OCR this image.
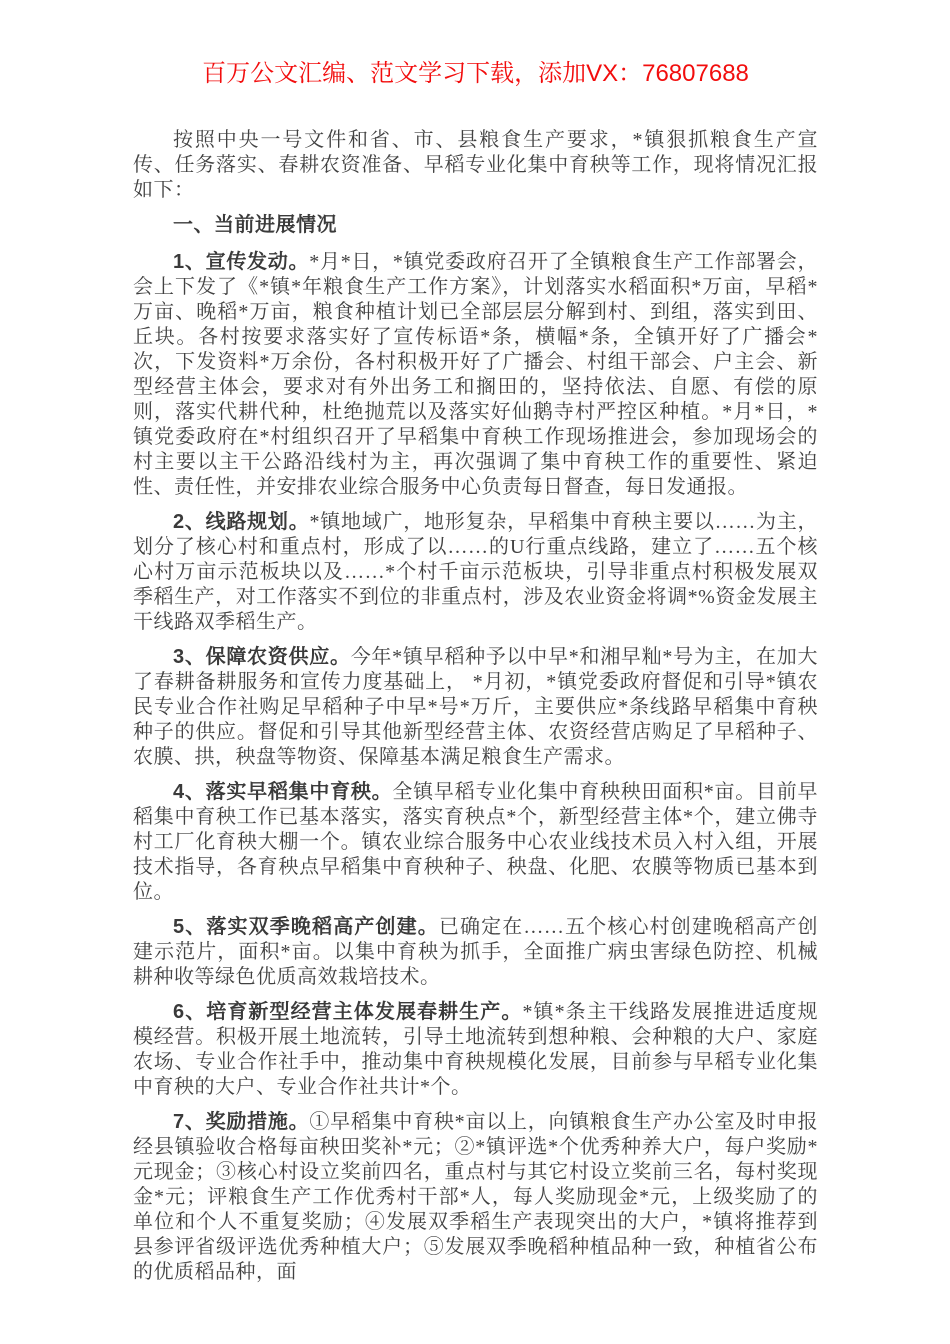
百万公文汇编、范文学习下载，添加VX：76807688

按照中央一号文件和省、市、县粮食生产要求，*镇狠抓粮食生产宣传、任务落实、春耕农资准备、早稻专业化集中育秧等工作，现将情况汇报如下：

一、当前进展情况

1、宣传发动。*月*日，*镇党委政府召开了全镇粮食生产工作部署会，会上下发了《*镇*年粮食生产工作方案》，计划落实水稻面积*万亩，早稻*万亩、晚稻*万亩，粮食种植计划已全部层层分解到村、到组，落实到田、丘块。各村按要求落实好了宣传标语*条，横幅*条，全镇开好了广播会*次，下发资料*万余份，各村积极开好了广播会、村组干部会、户主会、新型经营主体会，要求对有外出务工和搁田的，坚持依法、自愿、有偿的原则，落实代耕代种，杜绝抛荒以及落实好仙鹅寺村严控区种植。*月*日，*镇党委政府在*村组织召开了早稻集中育秧工作现场推进会，参加现场会的村主要以主干公路沿线村为主，再次强调了集中育秧工作的重要性、紧迫性、责任性，并安排农业综合服务中心负责每日督查，每日发通报。

2、线路规划。*镇地域广，地形复杂，早稻集中育秧主要以……为主，划分了核心村和重点村，形成了以……的U行重点线路，建立了……五个核心村万亩示范板块以及……*个村千亩示范板块，引导非重点村积极发展双季稻生产，对工作落实不到位的非重点村，涉及农业资金将调*%资金发展主干线路双季稻生产。

3、保障农资供应。今年*镇早稻种予以中早*和湘早籼*号为主，在加大了春耕备耕服务和宣传力度基础上， *月初，*镇党委政府督促和引导*镇农民专业合作社购足早稻种子中早*号*万斤，主要供应*条线路早稻集中育秧种子的供应。督促和引导其他新型经营主体、农资经营店购足了早稻种子、农膜、拱，秧盘等物资、保障基本满足粮食生产需求。

4、落实早稻集中育秧。全镇早稻专业化集中育秧秧田面积*亩。目前早稻集中育秧工作已基本落实，落实育秧点*个，新型经营主体*个，建立佛寺村工厂化育秧大棚一个。镇农业综合服务中心农业线技术员入村入组，开展技术指导，各育秧点早稻集中育秧种子、秧盘、化肥、农膜等物质已基本到位。

5、落实双季晚稻高产创建。已确定在……五个核心村创建晚稻高产创建示范片，面积*亩。以集中育秧为抓手，全面推广病虫害绿色防控、机械耕种收等绿色优质高效栽培技术。

6、培育新型经营主体发展春耕生产。*镇*条主干线路发展推进适度规模经营。积极开展土地流转，引导土地流转到想种粮、会种粮的大户、家庭农场、专业合作社手中，推动集中育秧规模化发展，目前参与早稻专业化集中育秧的大户、专业合作社共计*个。

7、奖励措施。①早稻集中育秧*亩以上，向镇粮食生产办公室及时申报经县镇验收合格每亩秧田奖补*元；②*镇评选*个优秀种养大户，每户奖励*元现金；③核心村设立奖前四名，重点村与其它村设立奖前三名，每村奖现金*元；评粮食生产工作优秀村干部*人，每人奖励现金*元，上级奖励了的单位和个人不重复奖励；④发展双季稻生产表现突出的大户，*镇将推荐到县参评省级评选优秀种植大户；⑤发展双季晚稻种植品种一致，种植省公布的优质稻品种，面
